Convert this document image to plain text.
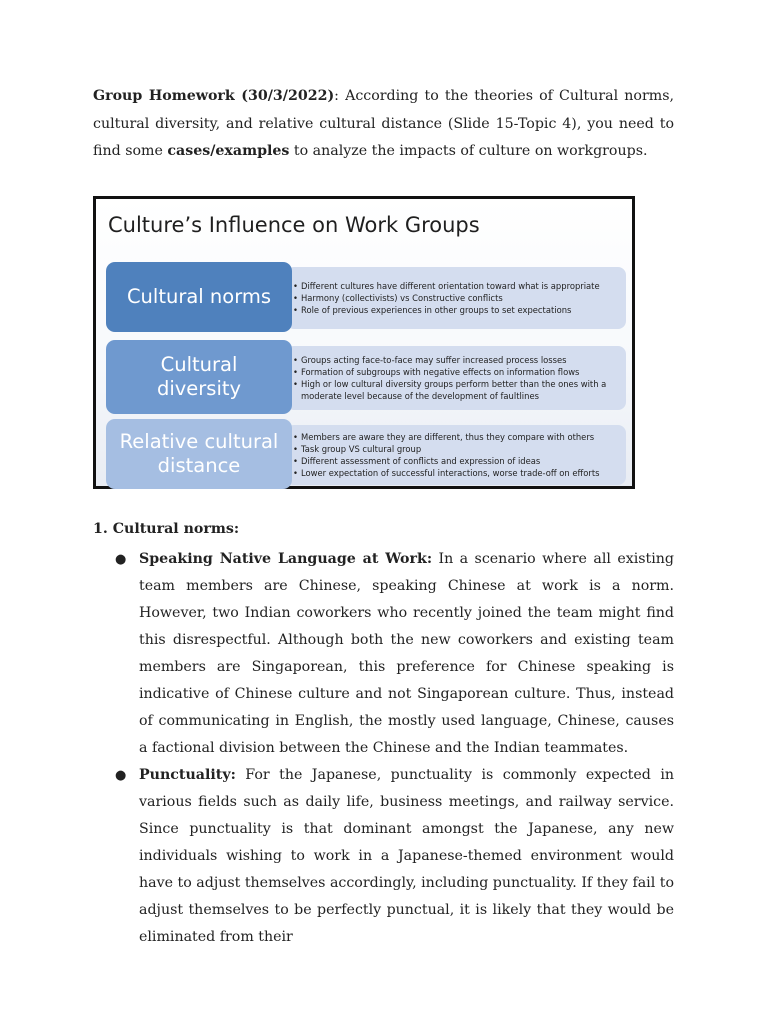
Group Homework (30/3/2022): According to the theories of Cultural norms, cultural diversity, and relative cultural distance (Slide 15-Topic 4), you need to find some cases/examples to analyze the impacts of culture on workgroups.
Culture’s Influence on Work Groups
• Different cultures have different orientation toward what is appropriate
• Harmony (collectivists) vs Constructive conflicts
• Role of previous experiences in other groups to set expectations
Cultural norms
• Groups acting face-to-face may suffer increased process losses
• Formation of subgroups with negative effects on information flows
• High or low cultural diversity groups perform better than the ones with a moderate level because of the development of faultlines
Cultural diversity
• Members are aware they are different, thus they compare with others
• Task group VS cultural group
• Different assessment of conflicts and expression of ideas
• Lower expectation of successful interactions, worse trade-off on efforts
Relative cultural distance
1. Cultural norms:
● Speaking Native Language at Work: In a scenario where all existing team members are Chinese, speaking Chinese at work is a norm. However, two Indian coworkers who recently joined the team might find this disrespectful. Although both the new coworkers and existing team members are Singaporean, this preference for Chinese speaking is indicative of Chinese culture and not Singaporean culture. Thus, instead of communicating in English, the mostly used language, Chinese, causes a factional division between the Chinese and the Indian teammates.
● Punctuality: For the Japanese, punctuality is commonly expected in various fields such as daily life, business meetings, and railway service. Since punctuality is that dominant amongst the Japanese, any new individuals wishing to work in a Japanese-themed environment would have to adjust themselves accordingly, including punctuality. If they fail to adjust themselves to be perfectly punctual, it is likely that they would be eliminated from their
